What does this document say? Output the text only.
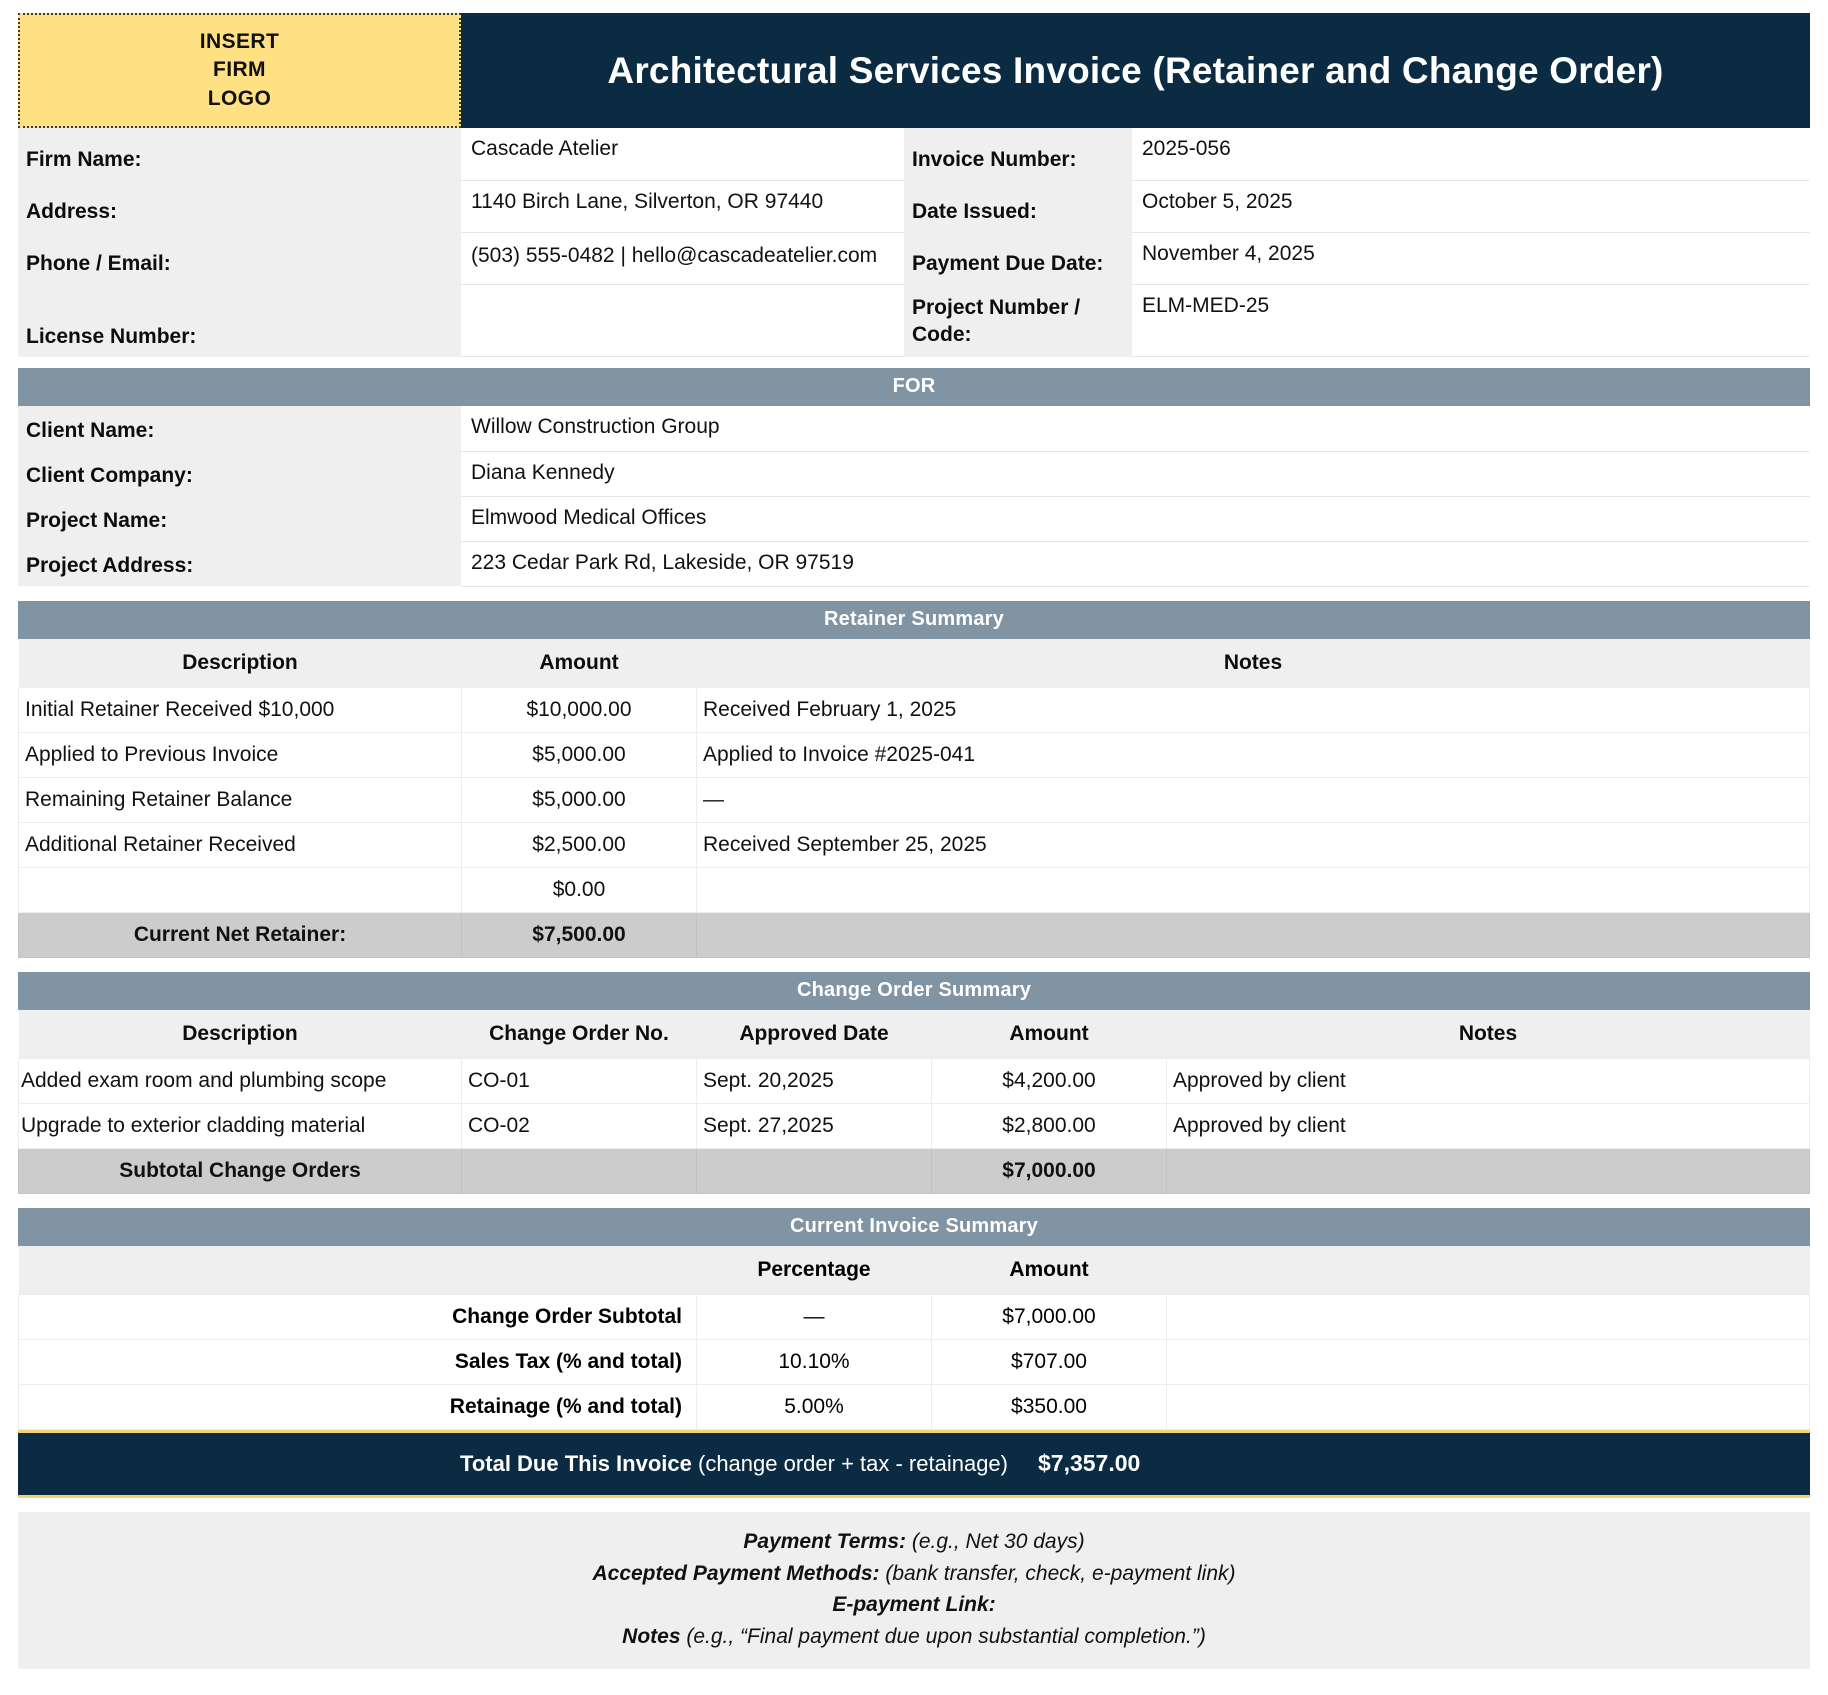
INSERT
FIRM
LOGO
Architectural Services Invoice (Retainer and Change Order)
Firm Name:	Cascade Atelier	Invoice Number:	2025-056
Address:	1140 Birch Lane, Silverton, OR 97440	Date Issued:	October 5, 2025
Phone / Email:	(503) 555-0482 | hello@cascadeatelier.com	Payment Due Date:	November 4, 2025
License Number:		Project Number / Code:	ELM-MED-25
FOR
Client Name:	Willow Construction Group
Client Company:	Diana Kennedy
Project Name:	Elmwood Medical Offices
Project Address:	223 Cedar Park Rd, Lakeside, OR 97519
Retainer Summary
Description	Amount	Notes
Initial Retainer Received $10,000	$10,000.00	Received February 1, 2025
Applied to Previous Invoice	$5,000.00	Applied to Invoice #2025-041
Remaining Retainer Balance	$5,000.00	—
Additional Retainer Received	$2,500.00	Received September 25, 2025
	$0.00	
Current Net Retainer:	$7,500.00	
Change Order Summary
Description	Change Order No.	Approved Date	Amount	Notes
Added exam room and plumbing scope	CO-01	Sept. 20,2025	$4,200.00	Approved by client
Upgrade to exterior cladding material	CO-02	Sept. 27,2025	$2,800.00	Approved by client
Subtotal Change Orders			$7,000.00	
Current Invoice Summary
	Percentage	Amount	
Change Order Subtotal	—	$7,000.00	
Sales Tax (% and total)	10.10%	$707.00	
Retainage (% and total)	5.00%	$350.00	
Total Due This Invoice (change order + tax - retainage)	$7,357.00
Payment Terms: (e.g., Net 30 days)
Accepted Payment Methods: (bank transfer, check, e-payment link)
E-payment Link:
Notes (e.g., “Final payment due upon substantial completion.”)
